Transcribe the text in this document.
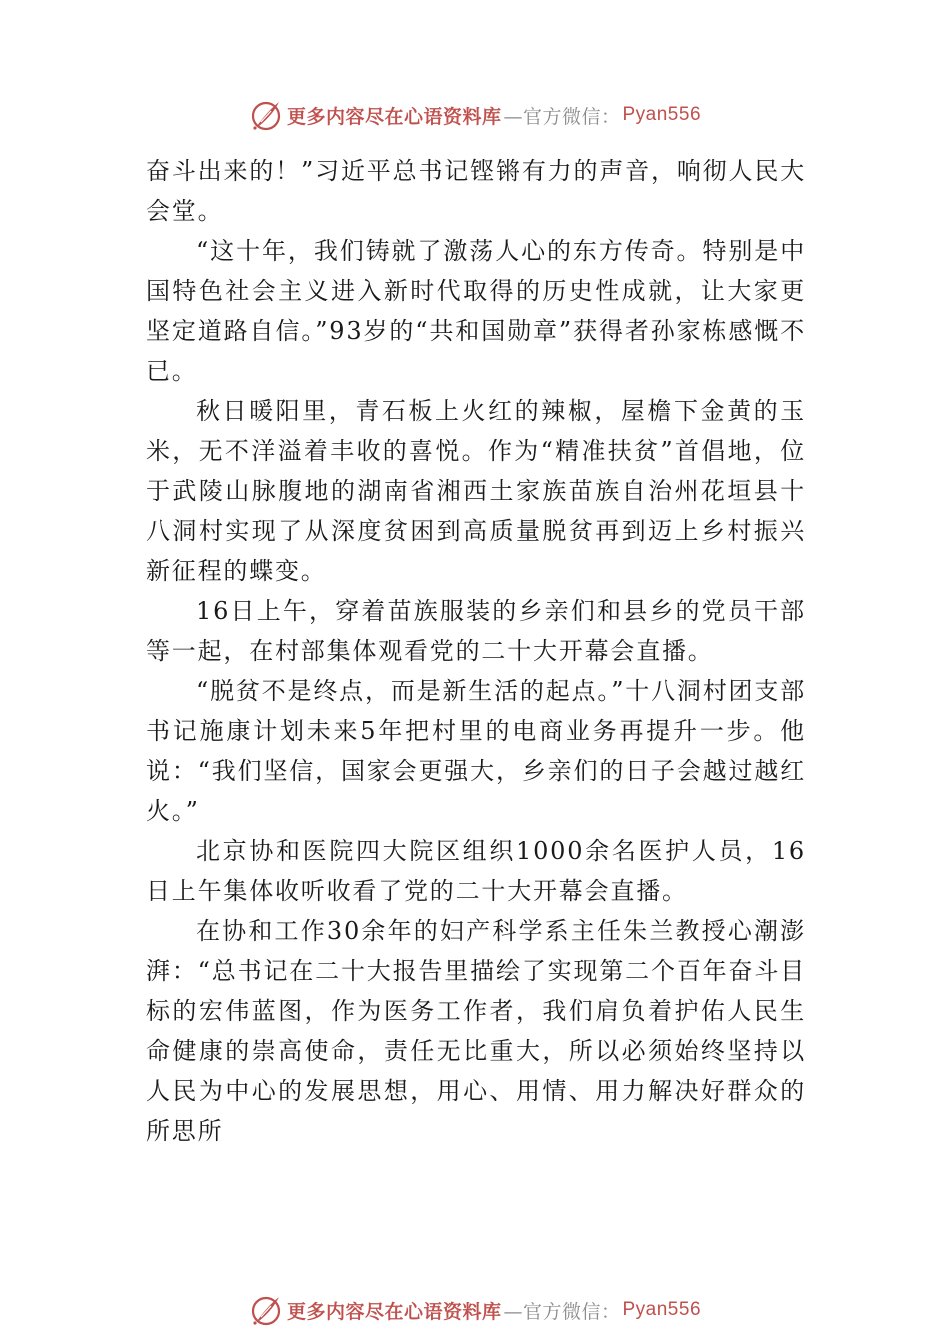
更多内容尽在心语资料库 —官方微信： Pyan556

奋斗出来的！”习近平总书记铿锵有力的声音，响彻人民大会堂。

“这十年，我们铸就了激荡人心的东方传奇。特别是中国特色社会主义进入新时代取得的历史性成就，让大家更坚定道路自信。”93岁的“共和国勋章”获得者孙家栋感慨不已。

秋日暖阳里，青石板上火红的辣椒，屋檐下金黄的玉米，无不洋溢着丰收的喜悦。作为“精准扶贫”首倡地，位于武陵山脉腹地的湖南省湘西土家族苗族自治州花垣县十八洞村实现了从深度贫困到高质量脱贫再到迈上乡村振兴新征程的蝶变。

16日上午，穿着苗族服装的乡亲们和县乡的党员干部等一起，在村部集体观看党的二十大开幕会直播。

“脱贫不是终点，而是新生活的起点。”十八洞村团支部书记施康计划未来5年把村里的电商业务再提升一步。他说：“我们坚信，国家会更强大，乡亲们的日子会越过越红火。”

北京协和医院四大院区组织1000余名医护人员，16日上午集体收听收看了党的二十大开幕会直播。

在协和工作30余年的妇产科学系主任朱兰教授心潮澎湃：“总书记在二十大报告里描绘了实现第二个百年奋斗目标的宏伟蓝图，作为医务工作者，我们肩负着护佑人民生命健康的崇高使命，责任无比重大，所以必须始终坚持以人民为中心的发展思想，用心、用情、用力解决好群众的所思所

更多内容尽在心语资料库 —官方微信： Pyan556
